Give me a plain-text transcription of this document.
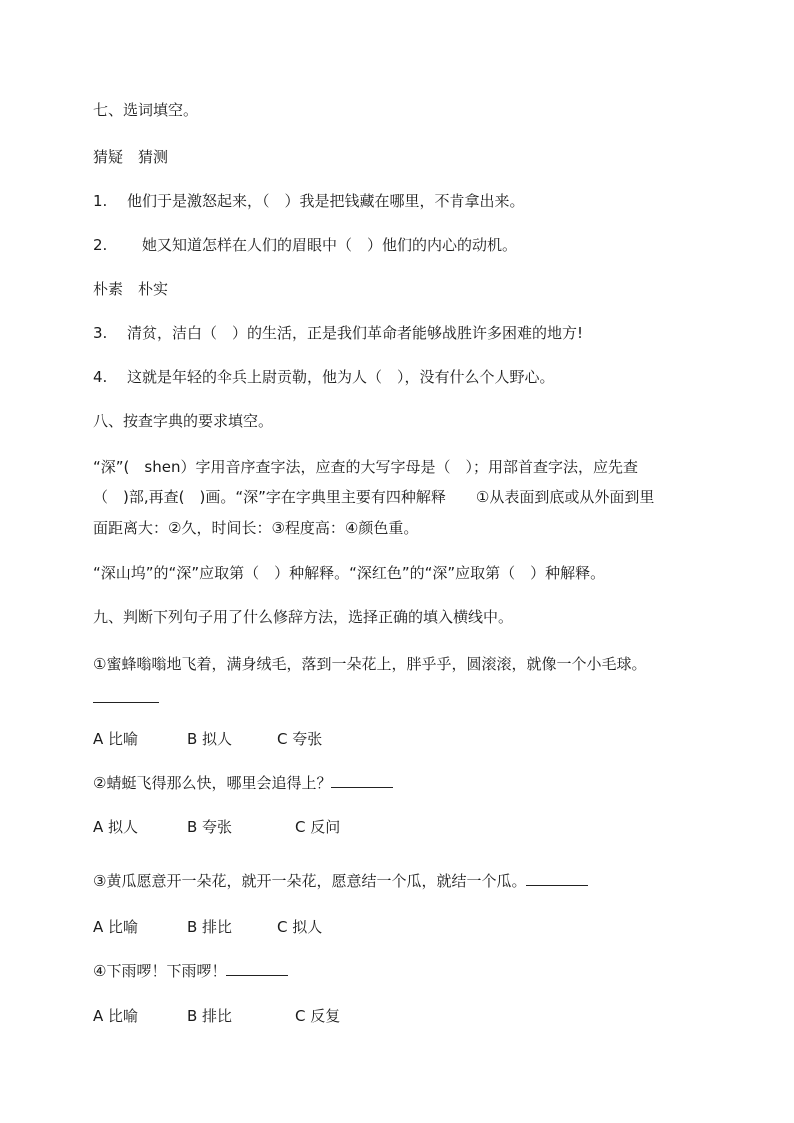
七、选词填空。
猜疑　猜测
1. 他们于是激怒起来，（　）我是把钱藏在哪里，不肯拿出来。
2.　她又知道怎样在人们的眉眼中（　）他们的内心的动机。
朴素　朴实
3. 清贫，洁白（　）的生活，正是我们革命者能够战胜许多困难的地方!
4. 这就是年轻的伞兵上尉贡勒，他为人（　），没有什么个人野心。
八、按查字典的要求填空。
“深”(　shen）字用音序查字法，应查的大写字母是（　）；用部首查字法，应先查
（　)部,再查(　)画。“深”字在字典里主要有四种解释　　①从表面到底或从外面到里
面距离大：②久，时间长：③程度高：④颜色重。
“深山坞”的“深”应取第（　）种解释。“深红色”的“深”应取第（　）种解释。
九、判断下列句子用了什么修辞方法，选择正确的填入横线中。
①蜜蜂嗡嗡地飞着，满身绒毛，落到一朵花上，胖乎乎，圆滚滚，就像一个小毛球。
A 比喻	B 拟人	C 夸张
②蜻蜓飞得那么快，哪里会追得上？
A 拟人	B 夸张	C 反问
③黄瓜愿意开一朵花，就开一朵花，愿意结一个瓜，就结一个瓜。
A 比喻	B 排比	C 拟人
④下雨啰！下雨啰！
A 比喻	B 排比	C 反复
